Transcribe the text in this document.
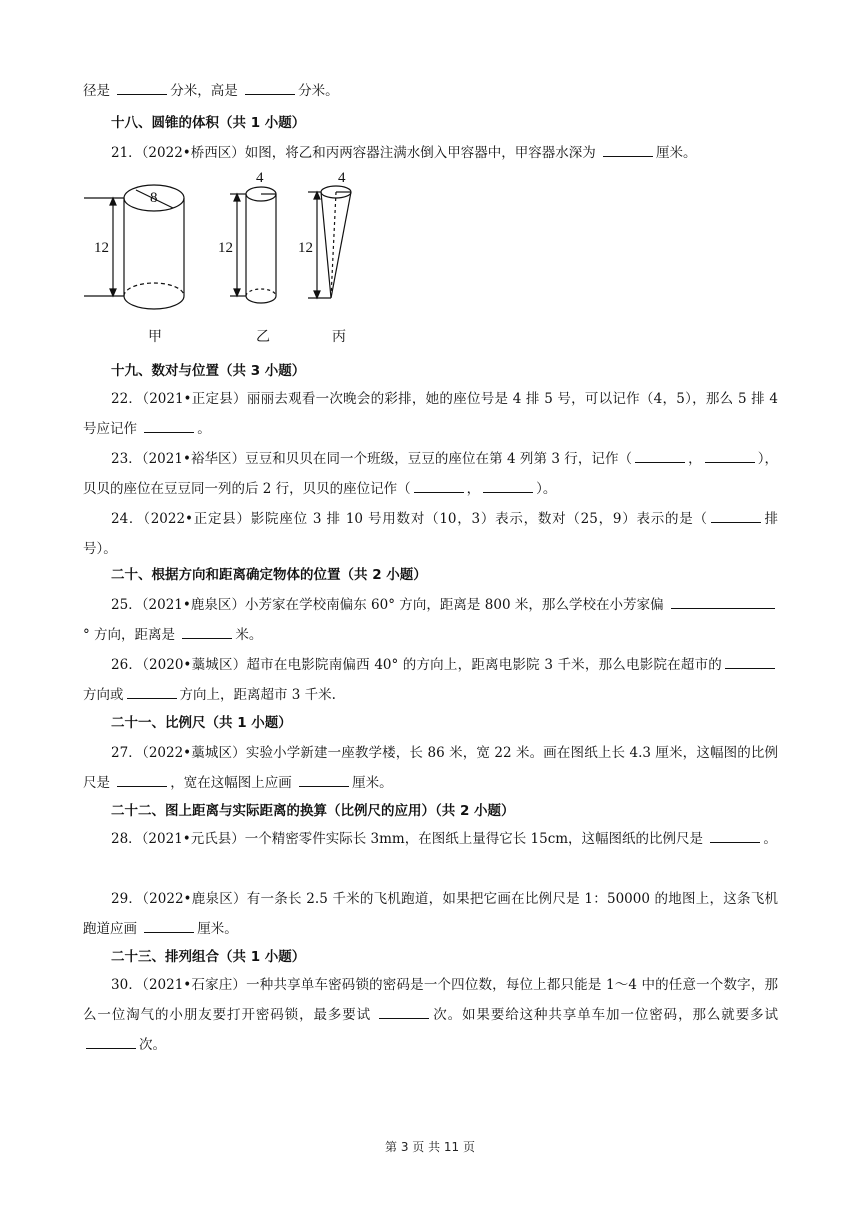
径是	分米，高是	分米。

十八、圆锥的体积（共 1 小题）

21．（2022•桥西区）如图，将乙和丙两容器注满水倒入甲容器中，甲容器水深为	厘米。

8
12
4
12
4
12
甲	乙	丙
十九、数对与位置（共 3 小题）

22．（2021•正定县）丽丽去观看一次晚会的彩排，她的座位号是 4 排 5 号，可以记作（4，5），那么 5 排 4 号应记作	。

23．（2021•裕华区）豆豆和贝贝在同一个班级，豆豆的座位在第 4 列第 3 行，记作（	，	），贝贝的座位在豆豆同一列的后 2 行，贝贝的座位记作（	，	）。

24．（2022•正定县）影院座位 3 排 10 号用数对（10，3）表示，数对（25，9）表示的是（	排号）。

二十、根据方向和距离确定物体的位置（共 2 小题）

25．（2021•鹿泉区）小芳家在学校南偏东 60° 方向，距离是 800 米，那么学校在小芳家偏 ° 方向，距离是	米。

26．（2020•藁城区）超市在电影院南偏西 40° 的方向上，距离电影院 3 千米，那么电影院在超市的方向或	方向上，距离超市 3 千米.

二十一、比例尺（共 1 小题）

27．（2022•藁城区）实验小学新建一座教学楼，长 86 米，宽 22 米。画在图纸上长 4.3 厘米，这幅图的比例尺是	，宽在这幅图上应画	厘米。

二十二、图上距离与实际距离的换算（比例尺的应用）（共 2 小题）

28．（2021•元氏县）一个精密零件实际长 3mm，在图纸上量得它长 15cm，这幅图纸的比例尺是	。

29．（2022•鹿泉区）有一条长 2.5 千米的飞机跑道，如果把它画在比例尺是 1：50000 的地图上，这条飞机跑道应画	厘米。

二十三、排列组合（共 1 小题）

30．（2021•石家庄）一种共享单车密码锁的密码是一个四位数，每位上都只能是 1～4 中的任意一个数字，那么一位淘气的小朋友要打开密码锁，最多要试	次。如果要给这种共享单车加一位密码，那么就要多试 次。

第 3 页 共 11 页
